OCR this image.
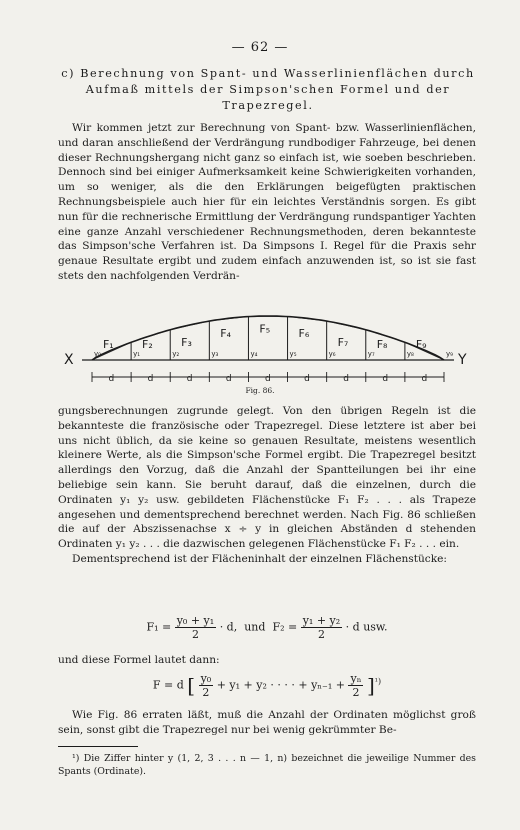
— 62 —
c) Berechnung von Spant- und Wasserlinienflächen durch Aufmaß mittels der Simpson'schen Formel und der Trapezregel.

Wir kommen jetzt zur Berechnung von Spant- bzw. Wasserlinienflächen, und daran anschließend der Verdrängung rundbodiger Fahrzeuge, bei denen dieser Rechnungshergang nicht ganz so einfach ist, wie soeben beschrieben. Dennoch sind bei einiger Aufmerksamkeit keine Schwierigkeiten vorhanden, um so weniger, als die den Erklärungen beigefügten praktischen Rechnungsbeispiele auch hier für ein leichtes Verständnis sorgen. Es gibt nun für die rechnerische Ermittlung der Verdrängung rundspantiger Yachten eine ganze Anzahl verschiedener Rechnungsmethoden, deren bekannteste das Simpson'sche Verfahren ist. Da Simpsons I. Regel für die Praxis sehr genaue Resultate ergibt und zudem einfach anzuwenden ist, so ist sie fast stets den nachfolgenden Verdrän-

y₀
F₁
d
y₁
F₂
d
y₂
F₃
d
y₃
F₄
d
y₄
F₅
d
y₅
F₆
d
y₆
F₇
d
y₇
F₈
d
y₈
F₉
d
y₉
X	Y
Fig. 86.

gungsberechnungen zugrunde gelegt. Von den übrigen Regeln ist die bekannteste die französische oder Trapezregel. Diese letztere ist aber bei uns nicht üblich, da sie keine so genauen Resultate, meistens wesentlich kleinere Werte, als die Simpson'sche Formel ergibt. Die Trapezregel besitzt allerdings den Vorzug, daß die Anzahl der Spantteilungen bei ihr eine beliebige sein kann. Sie beruht darauf, daß die einzelnen, durch die Ordinaten y₁ y₂ usw. gebildeten Flächenstücke F₁ F₂ . . . als Trapeze angesehen und dementsprechend berechnet werden. Nach Fig. 86 schließen die auf der Abszissenachse x ÷ y in gleichen Abständen d stehenden Ordinaten y₁ y₂ . . . die dazwischen gelegenen Flächenstücke F₁ F₂ . . . ein.

Dementsprechend ist der Flächeninhalt der einzelnen Flächenstücke:

$F_1 = \frac{\text{y₀ + y₁}}{2} \cdot d$, und $F_2 = \frac{\text{y₁ + y₂}}{2} \cdot d$ usw.

und diese Formel lautet dann:

F = d [ $\frac{\text{y₀}}{2} + y_1 + y_2$ · · · · + $y_{n-1} + \frac{\text{yₙ}}{2} ]^{^1)}$

Wie Fig. 86 erraten läßt, muß die Anzahl der Ordinaten möglichst groß sein, sonst gibt die Trapezregel nur bei wenig gekrümmter Be-

¹) Die Ziffer hinter y (1, 2, 3 . . . n — 1, n) bezeichnet die jeweilige Nummer des Spants (Ordinate).
